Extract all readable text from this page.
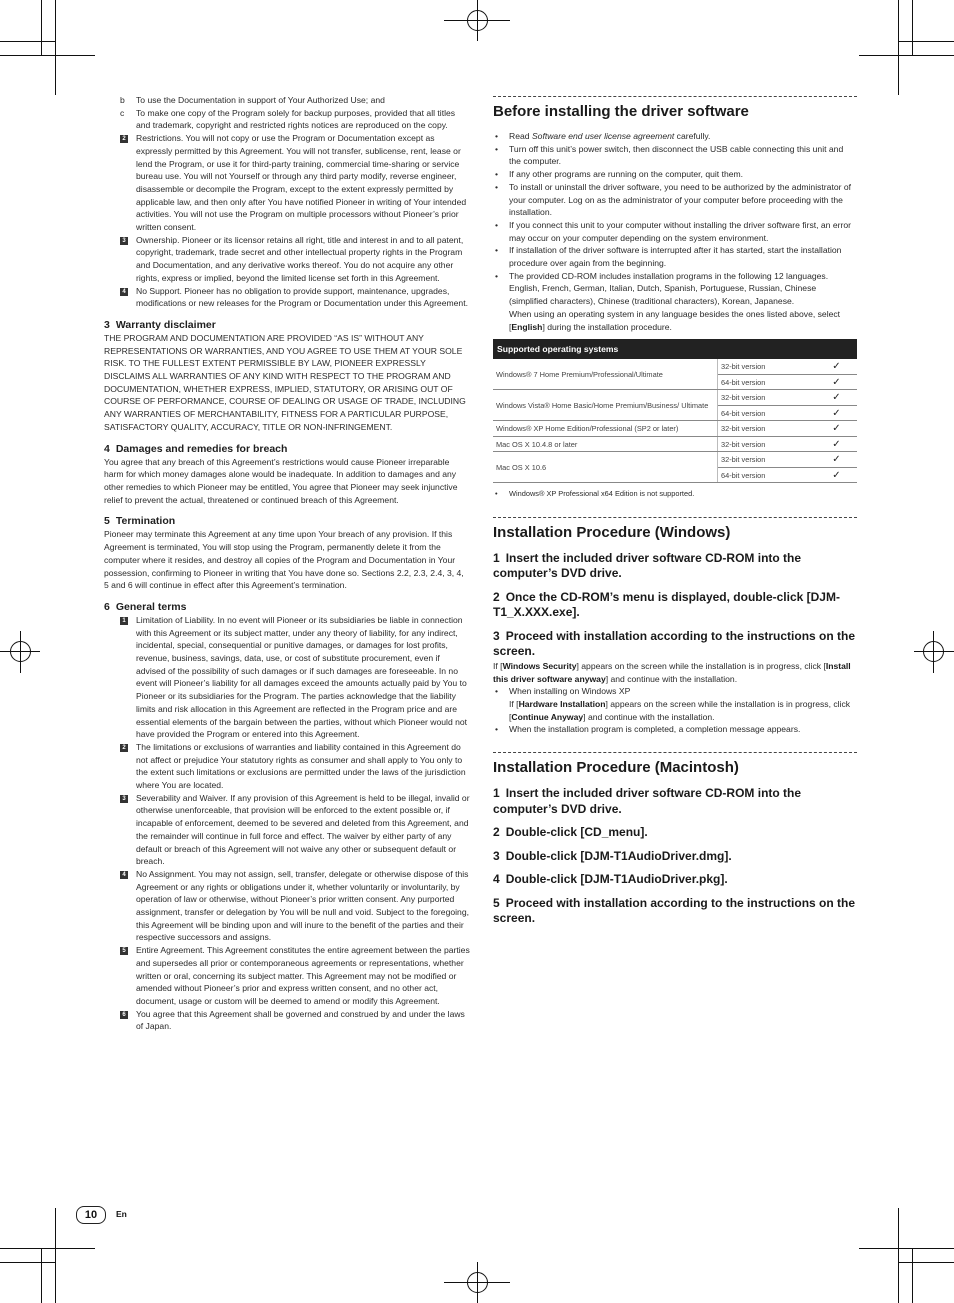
b To use the Documentation in support of Your Authorized Use; and

c To make one copy of the Program solely for backup purposes, provided that all titles and trademark, copyright and restricted rights notices are reproduced on the copy.

2 Restrictions. You will not copy or use the Program or Documentation except as expressly permitted by this Agreement. You will not transfer, sublicense, rent, lease or lend the Program, or use it for third-party training, commercial time-sharing or service bureau use. You will not Yourself or through any third party modify, reverse engineer, disassemble or decompile the Program, except to the extent expressly permitted by applicable law, and then only after You have notified Pioneer in writing of Your intended activities. You will not use the Program on multiple processors without Pioneer’s prior written consent.

3 Ownership. Pioneer or its licensor retains all right, title and interest in and to all patent, copyright, trademark, trade secret and other intellectual property rights in the Program and Documentation, and any derivative works thereof. You do not acquire any other rights, express or implied, beyond the limited license set forth in this Agreement.

4 No Support. Pioneer has no obligation to provide support, maintenance, upgrades, modifications or new releases for the Program or Documentation under this Agreement.

3 Warranty disclaimer

THE PROGRAM AND DOCUMENTATION ARE PROVIDED “AS IS” WITHOUT ANY REPRESENTATIONS OR WARRANTIES, AND YOU AGREE TO USE THEM AT YOUR SOLE RISK. TO THE FULLEST EXTENT PERMISSIBLE BY LAW, PIONEER EXPRESSLY DISCLAIMS ALL WARRANTIES OF ANY KIND WITH RESPECT TO THE PROGRAM AND DOCUMENTATION, WHETHER EXPRESS, IMPLIED, STATUTORY, OR ARISING OUT OF COURSE OF PERFORMANCE, COURSE OF DEALING OR USAGE OF TRADE, INCLUDING ANY WARRANTIES OF MERCHANTABILITY, FITNESS FOR A PARTICULAR PURPOSE, SATISFACTORY QUALITY, ACCURACY, TITLE OR NON-INFRINGEMENT.

4 Damages and remedies for breach

You agree that any breach of this Agreement’s restrictions would cause Pioneer irreparable harm for which money damages alone would be inadequate. In addition to damages and any other remedies to which Pioneer may be entitled, You agree that Pioneer may seek injunctive relief to prevent the actual, threatened or continued breach of this Agreement.

5 Termination

Pioneer may terminate this Agreement at any time upon Your breach of any provision. If this Agreement is terminated, You will stop using the Program, permanently delete it from the computer where it resides, and destroy all copies of the Program and Documentation in Your possession, confirming to Pioneer in writing that You have done so. Sections 2.2, 2.3, 2.4, 3, 4, 5 and 6 will continue in effect after this Agreement’s termination.

6 General terms

1 Limitation of Liability. In no event will Pioneer or its subsidiaries be liable in connection with this Agreement or its subject matter, under any theory of liability, for any indirect, incidental, special, consequential or punitive damages, or damages for lost profits, revenue, business, savings, data, use, or cost of substitute procurement, even if advised of the possibility of such damages or if such damages are foreseeable. In no event will Pioneer’s liability for all damages exceed the amounts actually paid by You to Pioneer or its subsidiaries for the Program. The parties acknowledge that the liability limits and risk allocation in this Agreement are reflected in the Program price and are essential elements of the bargain between the parties, without which Pioneer would not have provided the Program or entered into this Agreement.

2 The limitations or exclusions of warranties and liability contained in this Agreement do not affect or prejudice Your statutory rights as consumer and shall apply to You only to the extent such limitations or exclusions are permitted under the laws of the jurisdiction where You are located.

3 Severability and Waiver. If any provision of this Agreement is held to be illegal, invalid or otherwise unenforceable, that provision will be enforced to the extent possible or, if incapable of enforcement, deemed to be severed and deleted from this Agreement, and the remainder will continue in full force and effect. The waiver by either party of any default or breach of this Agreement will not waive any other or subsequent default or breach.

4 No Assignment. You may not assign, sell, transfer, delegate or otherwise dispose of this Agreement or any rights or obligations under it, whether voluntarily or involuntarily, by operation of law or otherwise, without Pioneer’s prior written consent. Any purported assignment, transfer or delegation by You will be null and void. Subject to the foregoing, this Agreement will be binding upon and will inure to the benefit of the parties and their respective successors and assigns.

5 Entire Agreement. This Agreement constitutes the entire agreement between the parties and supersedes all prior or contemporaneous agreements or representations, whether written or oral, concerning its subject matter. This Agreement may not be modified or amended without Pioneer’s prior and express written consent, and no other act, document, usage or custom will be deemed to amend or modify this Agreement.

6 You agree that this Agreement shall be governed and construed by and under the laws of Japan.

Before installing the driver software
• Read Software end user license agreement carefully.
• Turn off this unit’s power switch, then disconnect the USB cable connecting this unit and the computer.
• If any other programs are running on the computer, quit them.
• To install or uninstall the driver software, you need to be authorized by the administrator of your computer. Log on as the administrator of your computer before proceeding with the installation.
• If you connect this unit to your computer without installing the driver software first, an error may occur on your computer depending on the system environment.
• If installation of the driver software is interrupted after it has started, start the installation procedure over again from the beginning.
• The provided CD-ROM includes installation programs in the following 12 languages.
English, French, German, Italian, Dutch, Spanish, Portuguese, Russian, Chinese (simplified characters), Chinese (traditional characters), Korean, Japanese.
When using an operating system in any language besides the ones listed above, select [English] during the installation procedure.
Supported operating systems		
Windows® 7 Home Premium/Professional/Ultimate	32-bit version	✓
	64-bit version	✓
Windows Vista® Home Basic/Home Premium/Business/ Ultimate	32-bit version	✓
	64-bit version	✓
Windows® XP Home Edition/Professional (SP2 or later)	32-bit version	✓
Mac OS X 10.4.8 or later	32-bit version	✓
Mac OS X 10.6	32-bit version	✓
	64-bit version	✓
• Windows® XP Professional x64 Edition is not supported.
Installation Procedure (Windows)

1 Insert the included driver software CD-ROM into the computer’s DVD drive.

2 Once the CD-ROM’s menu is displayed, double-click [DJM-T1_X.XXX.exe].

3 Proceed with installation according to the instructions on the screen.

If [Windows Security] appears on the screen while the installation is in progress, click [Install this driver software anyway] and continue with the installation.

• When installing on Windows XP
If [Hardware Installation] appears on the screen while the installation is in progress, click [Continue Anyway] and continue with the installation.
• When the installation program is completed, a completion message appears.
Installation Procedure (Macintosh)

1 Insert the included driver software CD-ROM into the computer’s DVD drive.

2 Double-click [CD_menu].

3 Double-click [DJM-T1AudioDriver.dmg].

4 Double-click [DJM-T1AudioDriver.pkg].

5 Proceed with installation according to the instructions on the screen.

10	En
